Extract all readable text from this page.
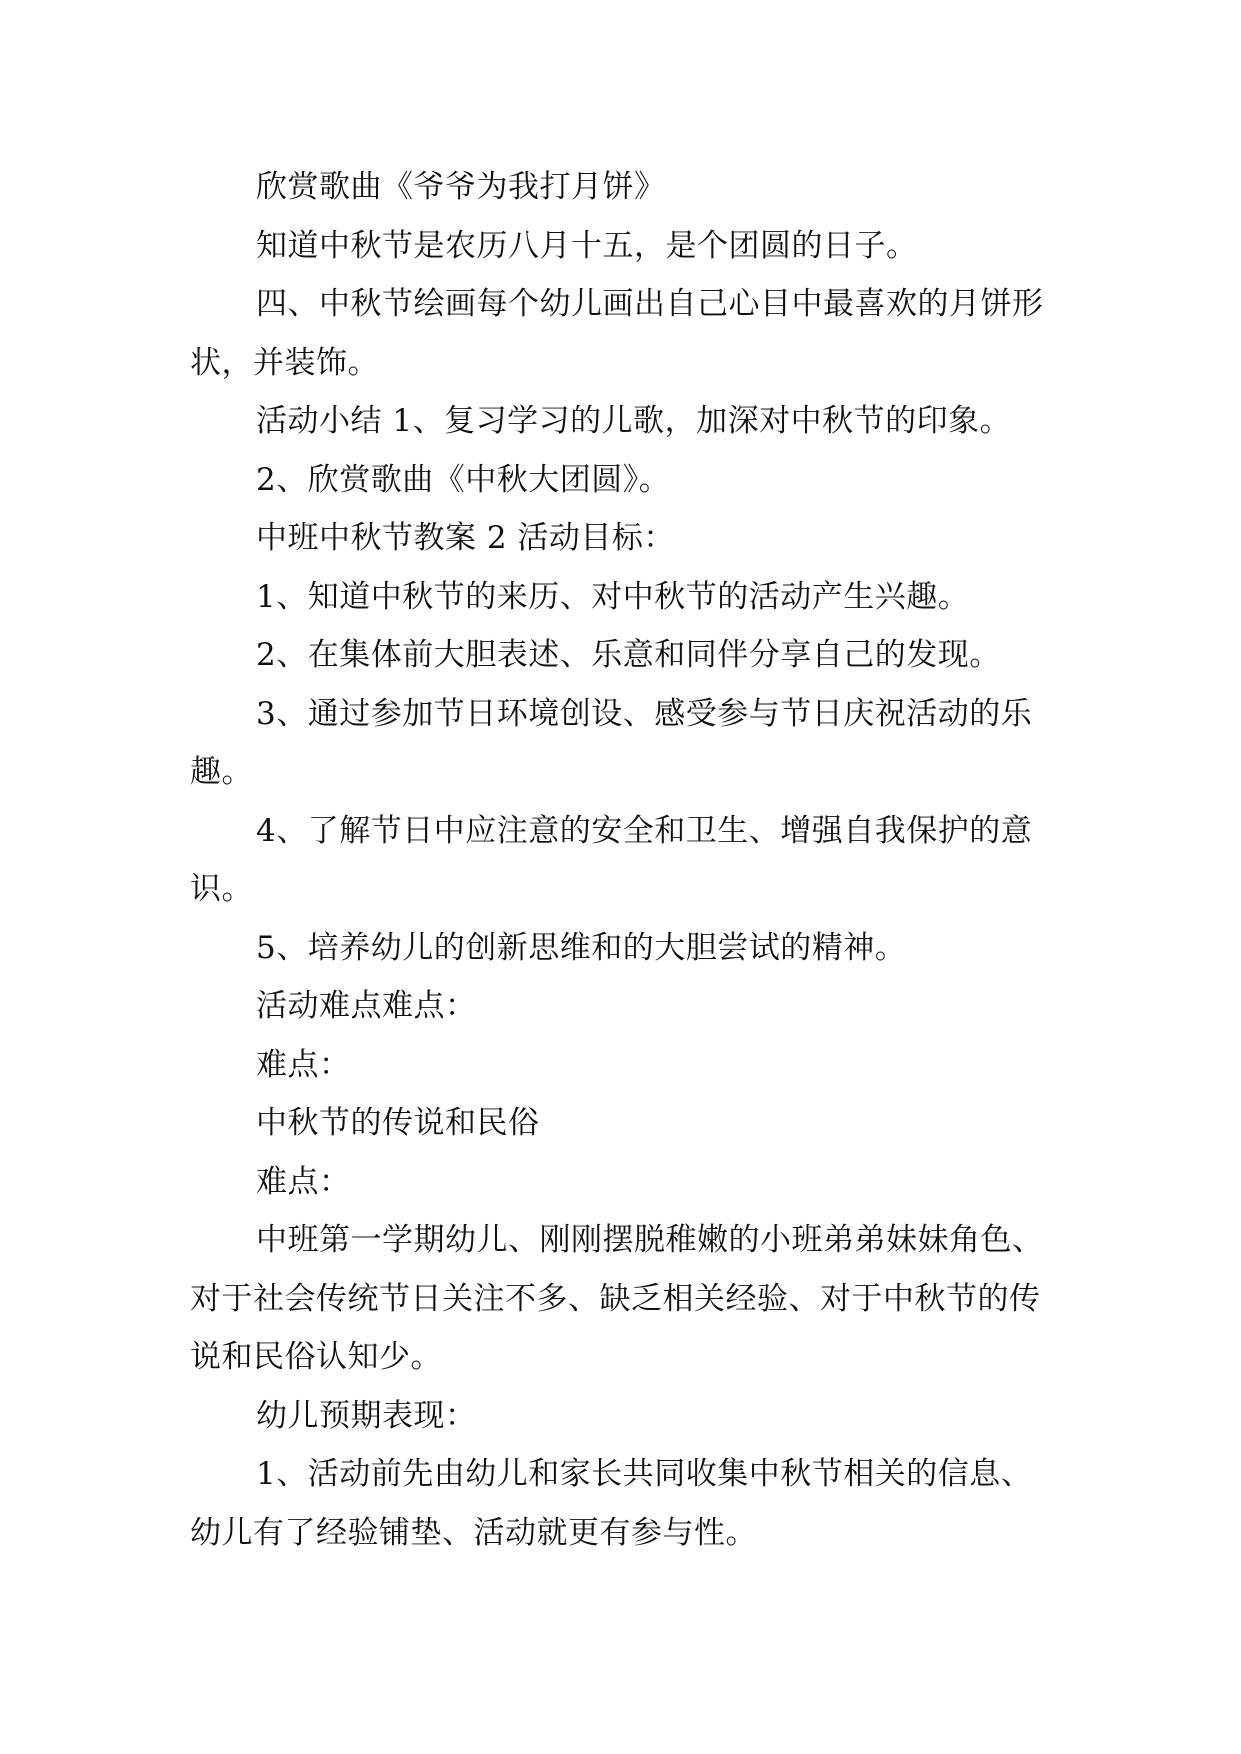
欣赏歌曲《爷爷为我打月饼》

知道中秋节是农历八月十五，是个团圆的日子。

四、中秋节绘画每个幼儿画出自己心目中最喜欢的月饼形状，并装饰。

活动小结 1、复习学习的儿歌，加深对中秋节的印象。

2、欣赏歌曲《中秋大团圆》。

中班中秋节教案 2 活动目标：

1、知道中秋节的来历、对中秋节的活动产生兴趣。

2、在集体前大胆表述、乐意和同伴分享自己的发现。

3、通过参加节日环境创设、感受参与节日庆祝活动的乐趣。

4、了解节日中应注意的安全和卫生、增强自我保护的意识。

5、培养幼儿的创新思维和的大胆尝试的精神。

活动难点难点：

难点：

中秋节的传说和民俗

难点：

中班第一学期幼儿、刚刚摆脱稚嫩的小班弟弟妹妹角色、对于社会传统节日关注不多、缺乏相关经验、对于中秋节的传说和民俗认知少。

幼儿预期表现：

1、活动前先由幼儿和家长共同收集中秋节相关的信息、幼儿有了经验铺垫、活动就更有参与性。
